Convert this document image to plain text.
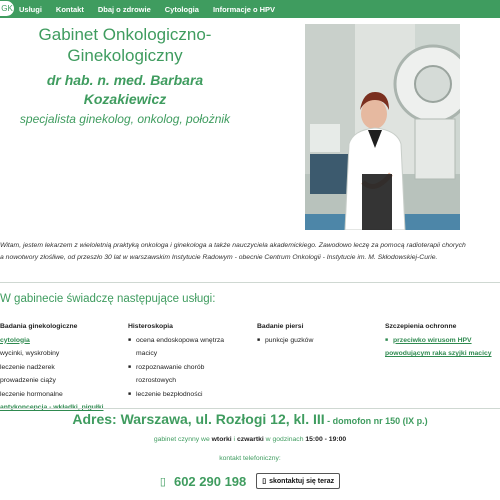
GK Usługi Kontakt Dbaj o zdrowie Cytologia Informacje o HPV
Gabinet Onkologiczno-
Ginekologiczny
dr hab. n. med. Barbara
Kozakiewicz
specjalista ginekolog, onkolog, położnik
Witam, jestem lekarzem z wieloletnią praktyką onkologa i ginekologa a także nauczyciela akademickiego. Zawodowo leczę za pomocą radioterapii chorych
a nowotwory złośliwe, od przeszło 30 lat w warszawskim Instytucie Radowym - obecnie Centrum Onkologii - Instytucie im. M. Skłodowskiej-Curie.
W gabinecie świadczę następujące usługi:
Badania ginekologiczne
cytologia
wycinki, wyskrobiny
leczenie nadżerek
prowadzenie ciąży
leczenie hormonalne
Histeroskopia
■ ocena endoskopowa wnętrza
macicy
■ rozpoznawanie chorób
rozrostowych
■ leczenie bezpłodności
Badanie piersi
■ punkcje guzków
Szczepienia ochronne
■ przeciwko wirusom HPV
powodującym raka szyjki macicy
Adres: Warszawa, ul. Rozłogi 12, kl. III - domofon nr 150 (IX p.)
gabinet czynny we wtorki i czwartki w godzinach 15:00 - 19:00
kontakt telefoniczny:
▯ 602 290 198 ▯ skontaktuj się teraz
